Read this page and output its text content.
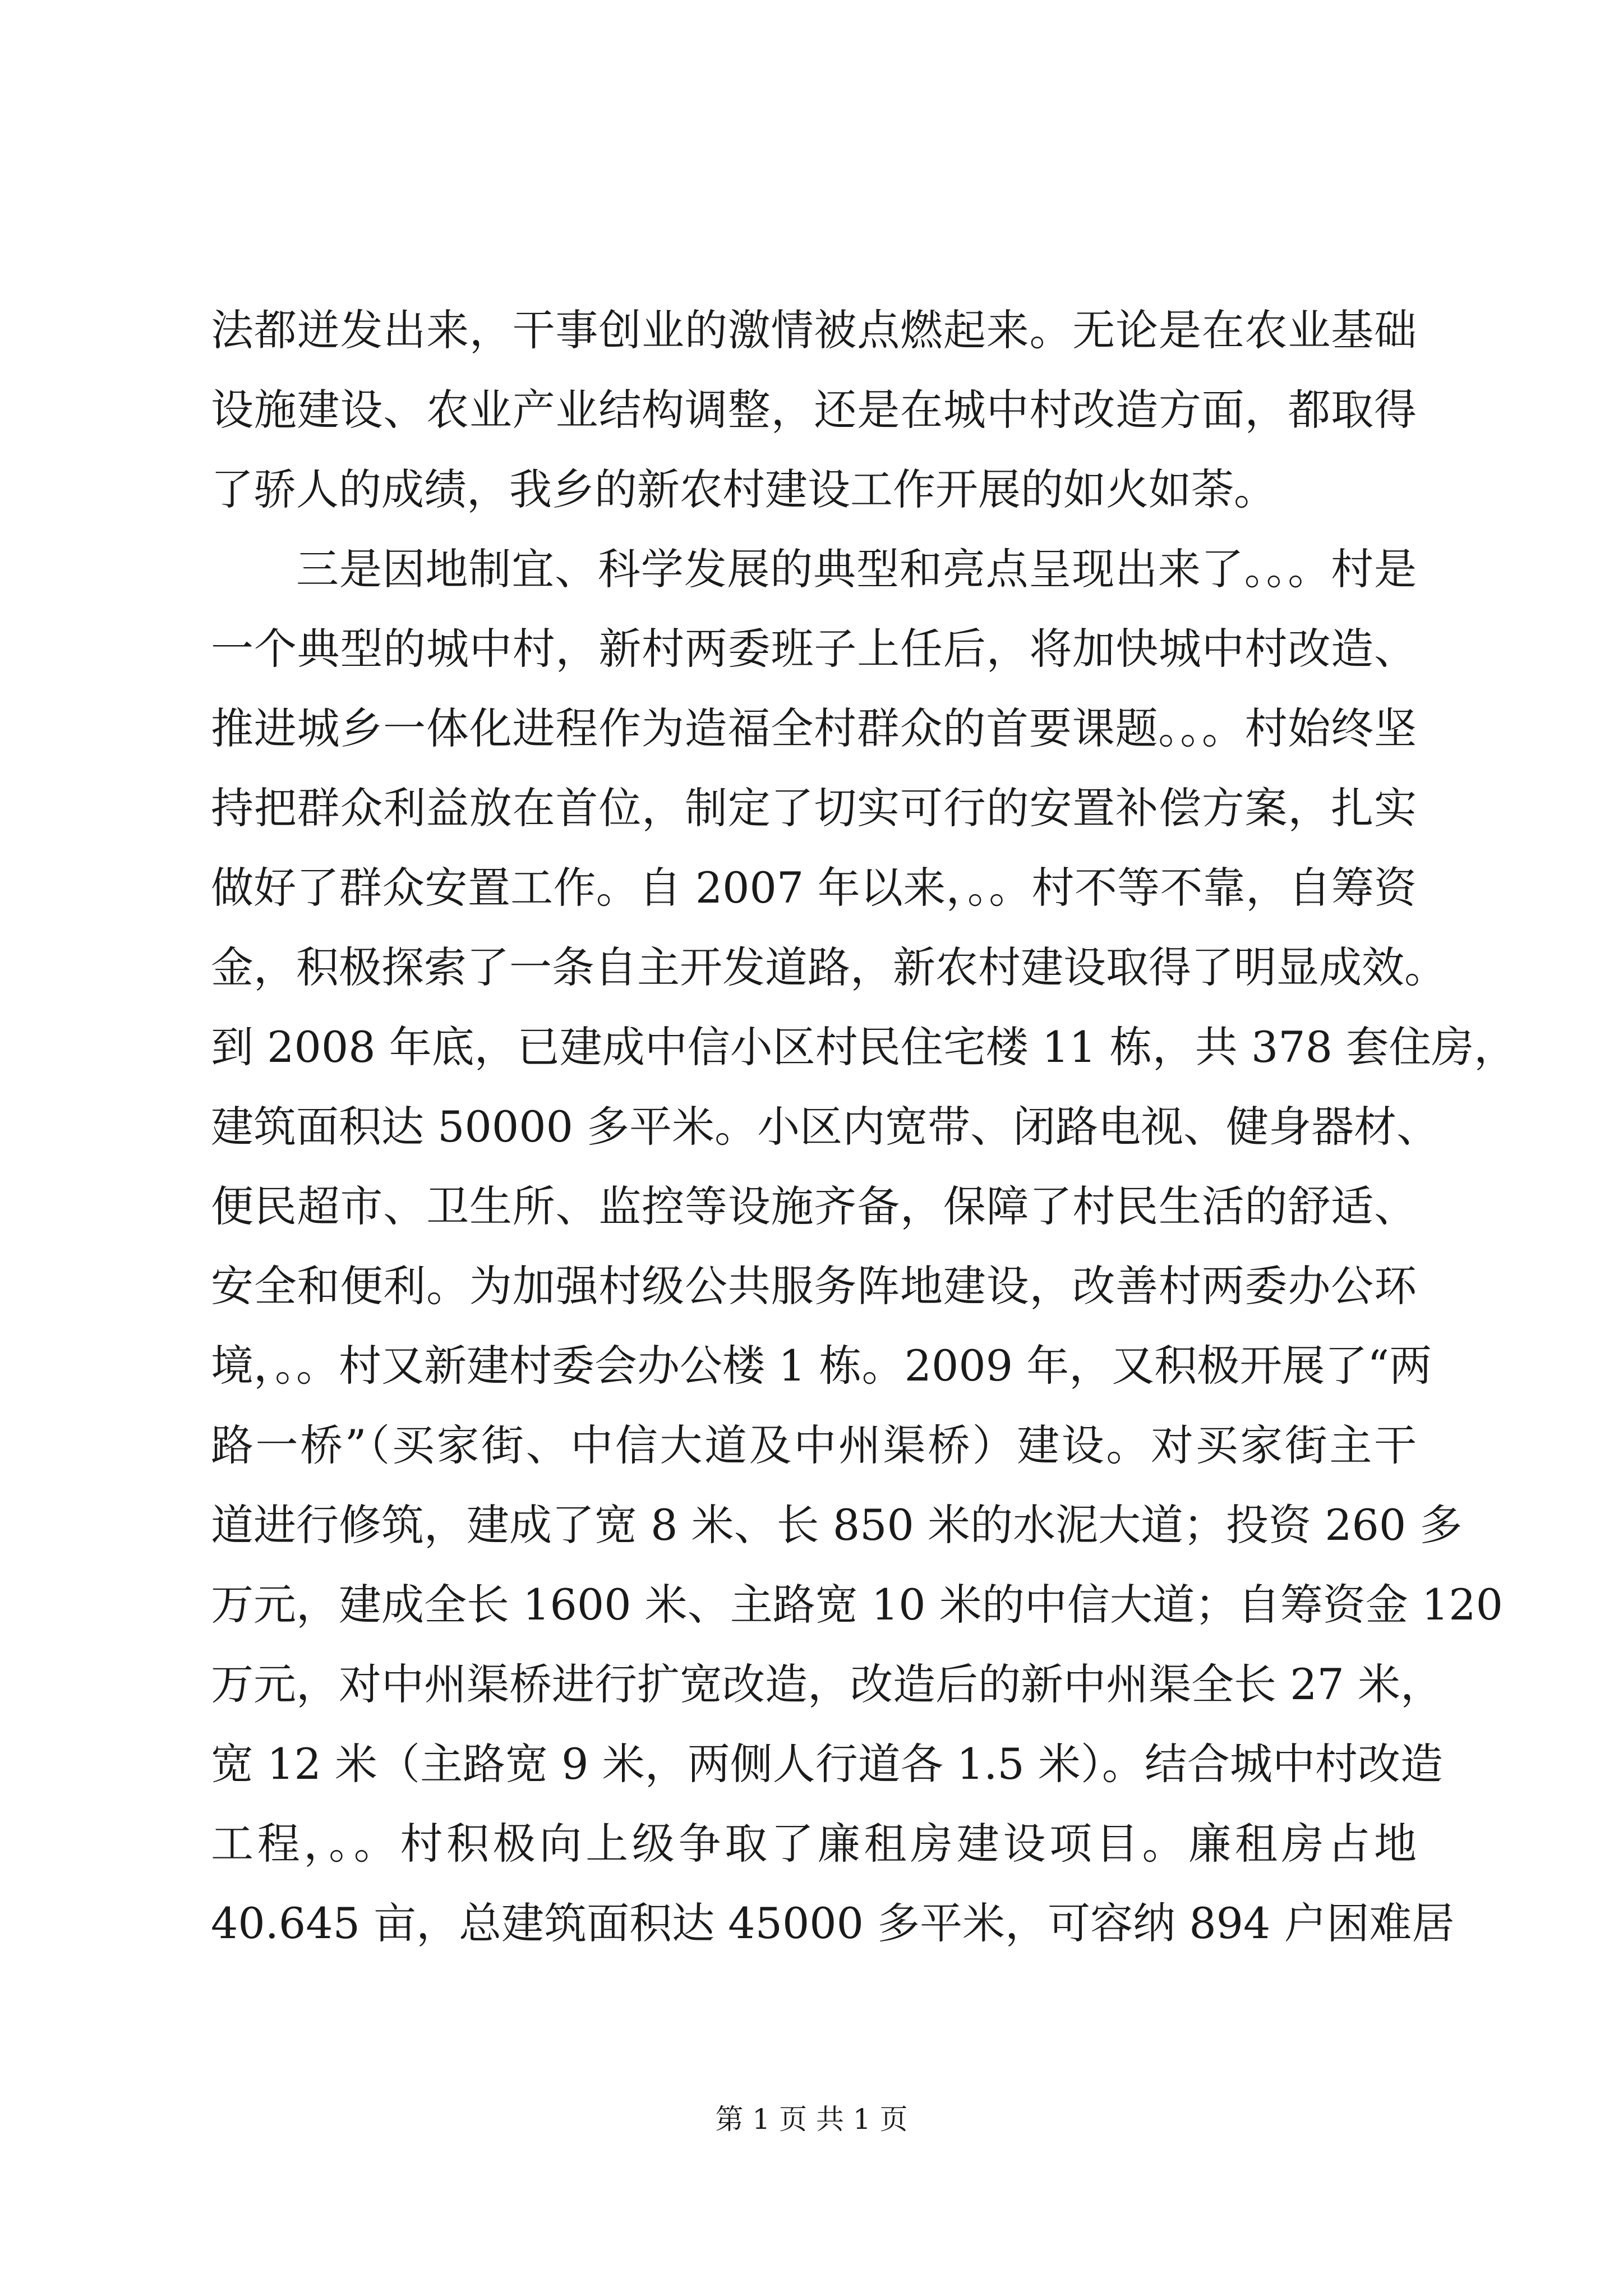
法都迸发出来，干事创业的激情被点燃起来。无论是在农业基础
设施建设、农业产业结构调整，还是在城中村改造方面，都取得
了骄人的成绩，我乡的新农村建设工作开展的如火如荼。
三是因地制宜、科学发展的典型和亮点呈现出来了。。。村是
一个典型的城中村，新村两委班子上任后，将加快城中村改造、
推进城乡一体化进程作为造福全村群众的首要课题。。。村始终坚
持把群众利益放在首位，制定了切实可行的安置补偿方案，扎实
做好了群众安置工作。自 2007 年以来，。。村不等不靠，自筹资
金，积极探索了一条自主开发道路，新农村建设取得了明显成效。
到 2008 年底，已建成中信小区村民住宅楼 11 栋，共 378 套住房，
建筑面积达 50000 多平米。小区内宽带、闭路电视、健身器材、
便民超市、卫生所、监控等设施齐备，保障了村民生活的舒适、
安全和便利。为加强村级公共服务阵地建设，改善村两委办公环
境，。。村又新建村委会办公楼 1 栋。2009 年，又积极开展了“两
路一桥”（买家街、中信大道及中州渠桥）建设。对买家街主干
道进行修筑，建成了宽 8 米、长 850 米的水泥大道；投资 260 多
万元，建成全长 1600 米、主路宽 10 米的中信大道；自筹资金 120
万元，对中州渠桥进行扩宽改造，改造后的新中州渠全长 27 米，
宽 12 米（主路宽 9 米，两侧人行道各 1.5 米）。结合城中村改造
工程，。。村积极向上级争取了廉租房建设项目。廉租房占地
40.645 亩，总建筑面积达 45000 多平米，可容纳 894 户困难居
第 1 页 共 1 页
